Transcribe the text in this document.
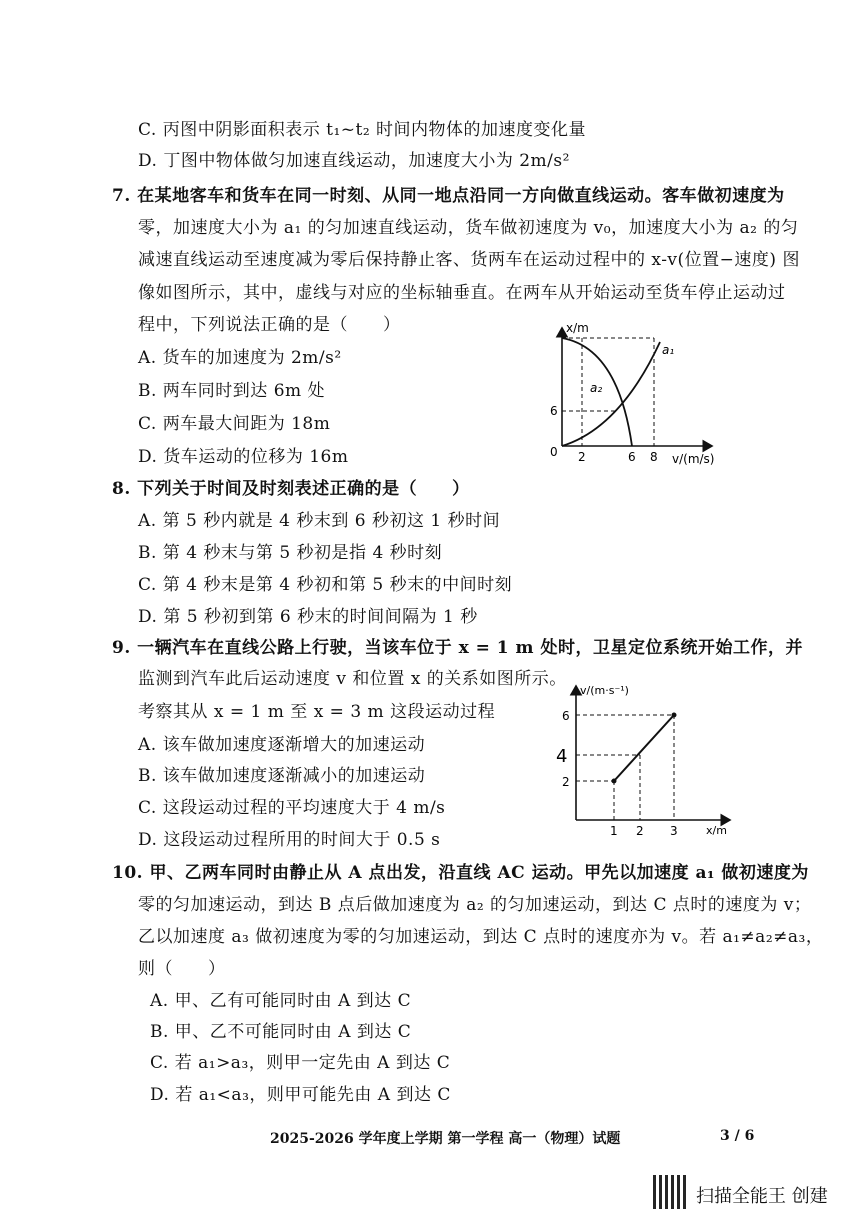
C. 丙图中阴影面积表示 t₁~t₂ 时间内物体的加速度变化量
D. 丁图中物体做匀加速直线运动，加速度大小为 2m/s²
7. 在某地客车和货车在同一时刻、从同一地点沿同一方向做直线运动。客车做初速度为
零，加速度大小为 a₁ 的匀加速直线运动，货车做初速度为 v₀，加速度大小为 a₂ 的匀
减速直线运动至速度减为零后保持静止客、货两车在运动过程中的 x-v(位置−速度) 图
像如图所示，其中，虚线与对应的坐标轴垂直。在两车从开始运动至货车停止运动过
程中，下列说法正确的是（　　）
A. 货车的加速度为 2m/s²
B. 两车同时到达 6m 处
C. 两车最大间距为 18m
D. 货车运动的位移为 16m
8. 下列关于时间及时刻表述正确的是（　　）
A. 第 5 秒内就是 4 秒末到 6 秒初这 1 秒时间
B. 第 4 秒末与第 5 秒初是指 4 秒时刻
C. 第 4 秒末是第 4 秒初和第 5 秒末的中间时刻
D. 第 5 秒初到第 6 秒末的时间间隔为 1 秒
9. 一辆汽车在直线公路上行驶，当该车位于 x = 1 m 处时，卫星定位系统开始工作，并
监测到汽车此后运动速度 v 和位置 x 的关系如图所示。
考察其从 x = 1 m 至 x = 3 m 这段运动过程
A. 该车做加速度逐渐增大的加速运动
B. 该车做加速度逐渐减小的加速运动
C. 这段运动过程的平均速度大于 4 m/s
D. 这段运动过程所用的时间大于 0.5 s
10. 甲、乙两车同时由静止从 A 点出发，沿直线 AC 运动。甲先以加速度 a₁ 做初速度为
零的匀加速运动，到达 B 点后做加速度为 a₂ 的匀加速运动，到达 C 点时的速度为 v；
乙以加速度 a₃ 做初速度为零的匀加速运动，到达 C 点时的速度亦为 v。若 a₁≠a₂≠a₃，
则（　　）
A. 甲、乙有可能同时由 A 到达 C
B. 甲、乙不可能同时由 A 到达 C
C. 若 a₁>a₃，则甲一定先由 A 到达 C
D. 若 a₁<a₃，则甲可能先由 A 到达 C
x/m
v/(m/s)
0
6
2	6 8
a₁
a₂
v/(m·s⁻¹)
x/m
6
4
2
1 2 3
2025-2026 学年度上学期 第一学程 高一（物理）试题	3 / 6
扫描全能王 创建
